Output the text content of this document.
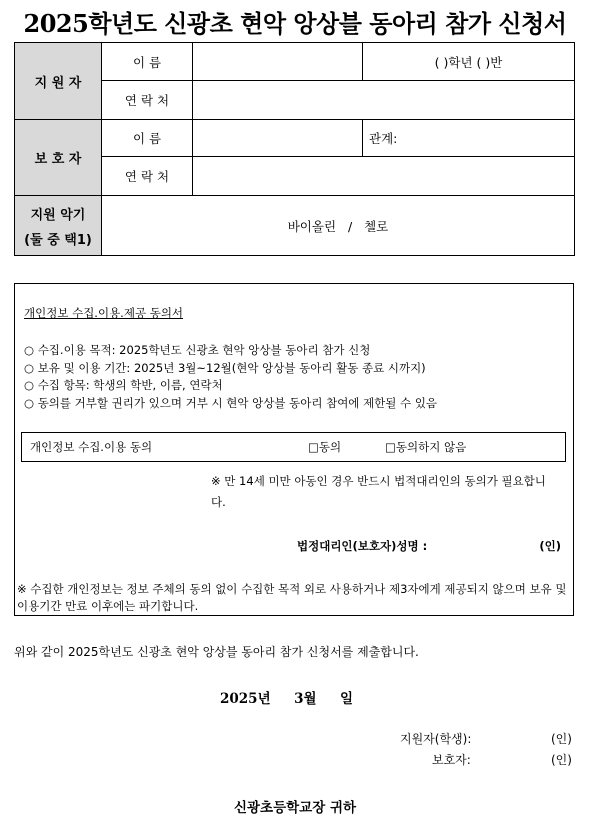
2025학년도 신광초 현악 앙상블 동아리 참가 신청서
지 원 자	이 름		( )학년 ( )반
	연 락 처		
보 호 자	이 름		관계:
	연 락 처		

지원 악기
(둘 중 택1)	바이올린   /   첼로		
개인정보 수집.이용.제공 동의서
○ 수집.이용 목적: 2025학년도 신광초 현악 앙상블 동아리 참가 신청
○ 보유 및 이용 기간: 2025년 3월~12월(현악 앙상블 동아리 활동 종료 시까지)
○ 수집 항목: 학생의 학반, 이름, 연락처
○ 동의를 거부할 권리가 있으며 거부 시 현악 앙상블 동아리 참여에 제한될 수 있음
개인정보 수집.이용 동의	□동의	□동의하지 않음
※ 만 14세 미만 아동인 경우 반드시 법적대리인의 동의가 필요합니다.
법정대리인(보호자)성명 :	(인)
※ 수집한 개인정보는 정보 주체의 동의 없이 수집한 목적 외로 사용하거나 제3자에게 제공되지 않으며 보유 및 이용기간 만료 이후에는 파기합니다.
위와 같이 2025학년도 신광초 현악 앙상블 동아리 참가 신청서를 제출합니다.
2025년     3월     일
지원자(학생):	(인)
보호자:	(인)
신광초등학교장 귀하
